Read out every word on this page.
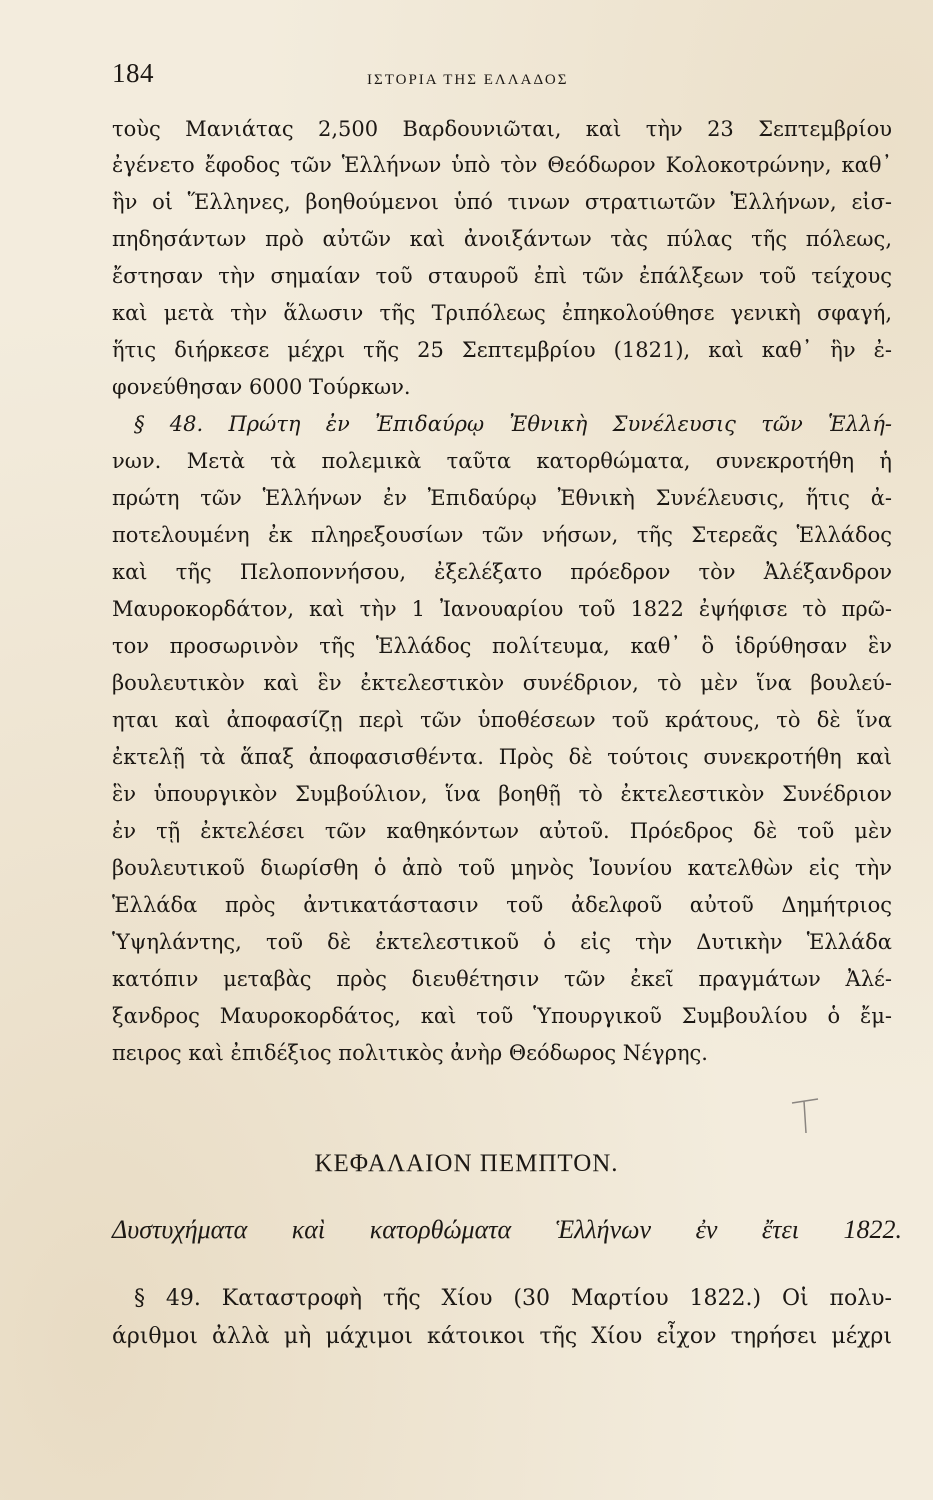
184	ΙΣΤΟΡΙΑ ΤΗΣ ΕΛΛΑΔΟΣ
τοὺς Μανιάτας 2,500 Βαρδουνιῶται, καὶ τὴν 23 Σεπτεμβρίου
ἐγένετο ἔφοδος τῶν Ἑλλήνων ὑπὸ τὸν Θεόδωρον Κολοκοτρώνην, καθ᾿
ἣν οἱ Ἕλληνες, βοηθούμενοι ὑπό τινων στρατιωτῶν Ἑλλήνων, εἰσ-
πηδησάντων πρὸ αὐτῶν καὶ ἀνοιξάντων τὰς πύλας τῆς πόλεως,
ἔστησαν τὴν σημαίαν τοῦ σταυροῦ ἐπὶ τῶν ἐπάλξεων τοῦ τείχους
καὶ μετὰ τὴν ἅλωσιν τῆς Τριπόλεως ἐπηκολούθησε γενικὴ σφαγή,
ἥτις διήρκεσε μέχρι τῆς 25 Σεπτεμβρίου (1821), καὶ καθ᾿ ἣν ἐ-
φονεύθησαν 6000 Τούρκων.
§ 48. Πρώτη ἐν Ἐπιδαύρῳ Ἐθνικὴ Συνέλευσις τῶν Ἑλλή-
νων. Μετὰ τὰ πολεμικὰ ταῦτα κατορθώματα, συνεκροτήθη ἡ
πρώτη τῶν Ἑλλήνων ἐν Ἐπιδαύρῳ Ἐθνικὴ Συνέλευσις, ἥτις ἀ-
ποτελουμένη ἐκ πληρεξουσίων τῶν νήσων, τῆς Στερεᾶς Ἑλλάδος
καὶ τῆς Πελοποννήσου, ἐξελέξατο πρόεδρον τὸν Ἀλέξανδρον
Μαυροκορδάτον, καὶ τὴν 1 Ἰανουαρίου τοῦ 1822 ἐψήφισε τὸ πρῶ-
τον προσωρινὸν τῆς Ἑλλάδος πολίτευμα, καθ᾿ ὃ ἱδρύθησαν ἓν
βουλευτικὸν καὶ ἓν ἐκτελεστικὸν συνέδριον, τὸ μὲν ἵνα βουλεύ-
ηται καὶ ἀποφασίζῃ περὶ τῶν ὑποθέσεων τοῦ κράτους, τὸ δὲ ἵνα
ἐκτελῇ τὰ ἅπαξ ἀποφασισθέντα. Πρὸς δὲ τούτοις συνεκροτήθη καὶ
ἓν ὑπουργικὸν Συμβούλιον, ἵνα βοηθῇ τὸ ἐκτελεστικὸν Συνέδριον
ἐν τῇ ἐκτελέσει τῶν καθηκόντων αὐτοῦ. Πρόεδρος δὲ τοῦ μὲν
βουλευτικοῦ διωρίσθη ὁ ἀπὸ τοῦ μηνὸς Ἰουνίου κατελθὼν εἰς τὴν
Ἑλλάδα πρὸς ἀντικατάστασιν τοῦ ἀδελφοῦ αὐτοῦ Δημήτριος
Ὑψηλάντης, τοῦ δὲ ἐκτελεστικοῦ ὁ εἰς τὴν Δυτικὴν Ἑλλάδα
κατόπιν μεταβὰς πρὸς διευθέτησιν τῶν ἐκεῖ πραγμάτων Ἀλέ-
ξανδρος Μαυροκορδάτος, καὶ τοῦ Ὑπουργικοῦ Συμβουλίου ὁ ἔμ-
πειρος καὶ ἐπιδέξιος πολιτικὸς ἀνὴρ Θεόδωρος Νέγρης.
ΚΕΦΑΛΑΙΟΝ ΠΕΜΠΤΟΝ.
Δυστυχήματα καὶ κατορθώματα Ἑλλήνων ἐν ἔτει 1822.
§ 49. Καταστροφὴ τῆς Χίου (30 Μαρτίου 1822.) Οἱ πολυ-
άριθμοι ἀλλὰ μὴ μάχιμοι κάτοικοι τῆς Χίου εἶχον τηρήσει μέχρι
